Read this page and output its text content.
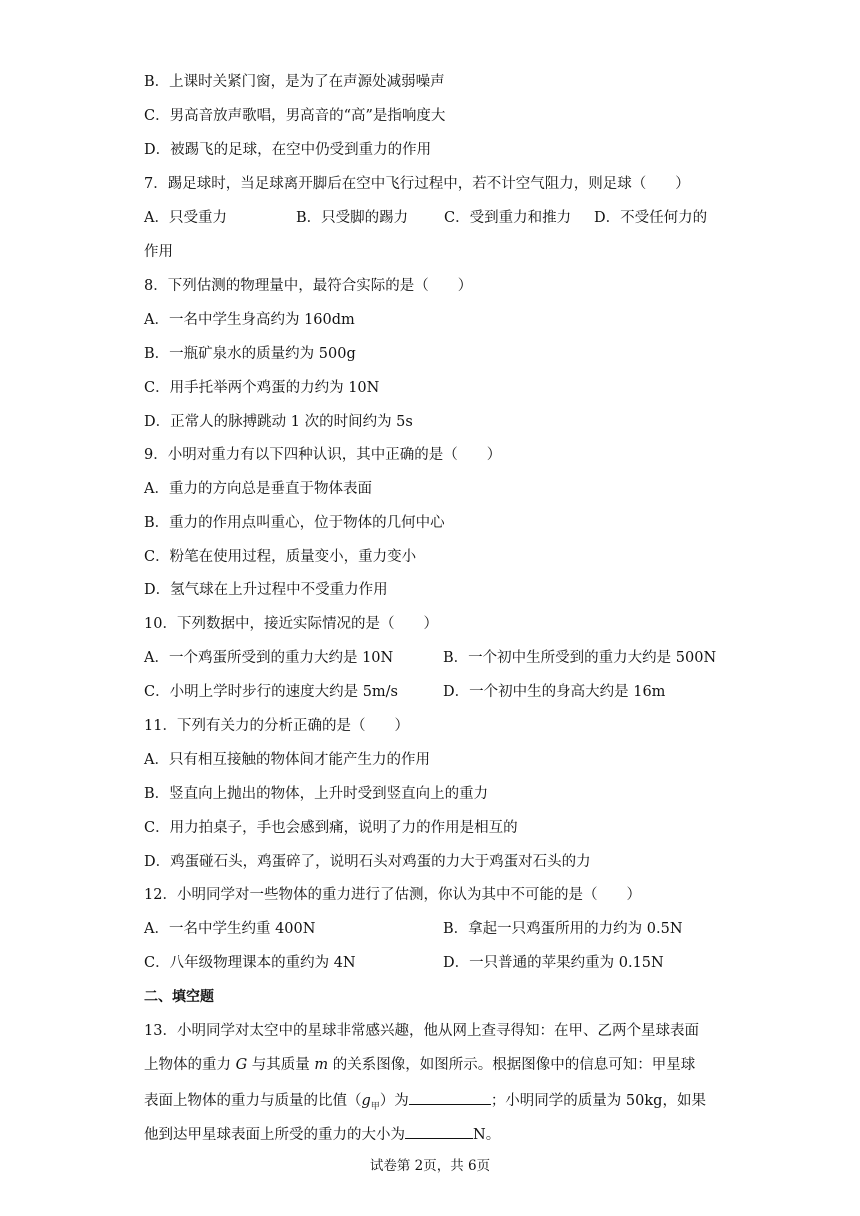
B．上课时关紧门窗，是为了在声源处减弱噪声
C．男高音放声歌唱，男高音的“高”是指响度大
D．被踢飞的足球，在空中仍受到重力的作用
7．踢足球时，当足球离开脚后在空中飞行过程中，若不计空气阻力，则足球（　　）
A．只受重力	B．只受脚的踢力 C．受到重力和推力 D．不受任何力的
作用
8．下列估测的物理量中，最符合实际的是（　　）
A．一名中学生身高约为 160dm
B．一瓶矿泉水的质量约为 500g
C．用手托举两个鸡蛋的力约为 10N
D．正常人的脉搏跳动 1 次的时间约为 5s
9．小明对重力有以下四种认识，其中正确的是（　　）
A．重力的方向总是垂直于物体表面
B．重力的作用点叫重心，位于物体的几何中心
C．粉笔在使用过程，质量变小，重力变小
D．氢气球在上升过程中不受重力作用
10．下列数据中，接近实际情况的是（　　）
A．一个鸡蛋所受到的重力大约是 10N	B．一个初中生所受到的重力大约是 500N
C．小明上学时步行的速度大约是 5m/s	D．一个初中生的身高大约是 16m
11．下列有关力的分析正确的是（　　）
A．只有相互接触的物体间才能产生力的作用
B．竖直向上抛出的物体，上升时受到竖直向上的重力
C．用力拍桌子，手也会感到痛，说明了力的作用是相互的
D．鸡蛋碰石头，鸡蛋碎了，说明石头对鸡蛋的力大于鸡蛋对石头的力
12．小明同学对一些物体的重力进行了估测，你认为其中不可能的是（　　）
A．一名中学生约重 400N	B．拿起一只鸡蛋所用的力约为 0.5N
C．八年级物理课本的重约为 4N	D．一只普通的苹果约重为 0.15N
二、填空题
13．小明同学对太空中的星球非常感兴趣，他从网上查寻得知：在甲、乙两个星球表面
上物体的重力 G 与其质量 m 的关系图像，如图所示。根据图像中的信息可知：甲星球
表面上物体的重力与质量的比值$(g_甲)$为	；小明同学的质量为 50kg，如果
他到达甲星球表面上所受的重力的大小为	N。
试卷第 2页，共 6页
